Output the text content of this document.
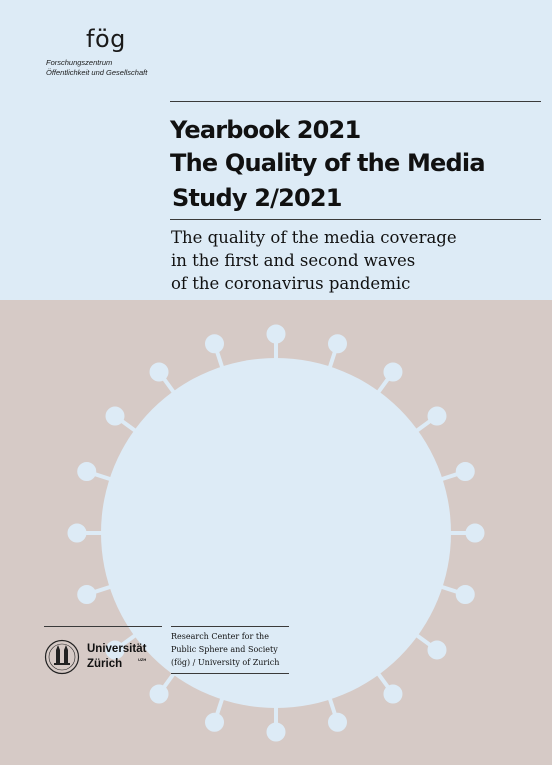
fög
Forschungszentrum
Öffentlichkeit und Gesellschaft
Yearbook 2021
The Quality of the Media
Study 2/2021
The quality of the media coverage
in the first and second waves
of the coronavirus pandemic
Universität
Zürich	UZH
Research Center for the
Public Sphere and Society
(fög) / University of Zurich
